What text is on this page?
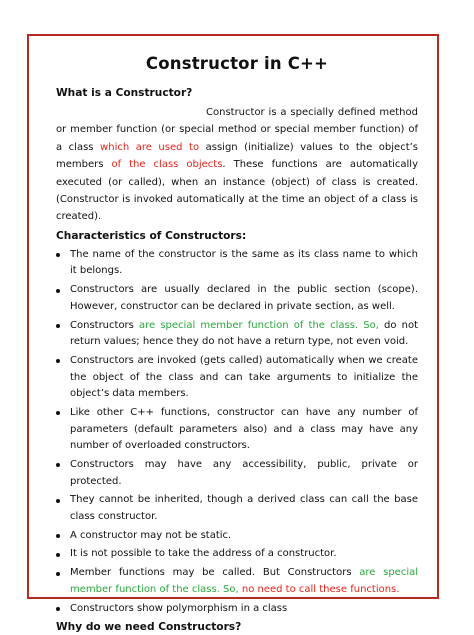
Constructor in C++
What is a Constructor?

Constructor is a specially defined method or member function (or special method or special member function) of a class which are used to assign (initialize) values to the object’s members of the class objects. These functions are automatically executed (or called), when an instance (object) of class is created. (Constructor is invoked automatically at the time an object of a class is created).

Characteristics of Constructors:
The name of the constructor is the same as its class name to which it belongs.
Constructors are usually declared in the public section (scope). However, constructor can be declared in private section, as well.
Constructors are special member function of the class. So, do not return values; hence they do not have a return type, not even void.
Constructors are invoked (gets called) automatically when we create the object of the class and can take arguments to initialize the object’s data members.
Like other C++ functions, constructor can have any number of parameters (default parameters also) and a class may have any number of overloaded constructors.
Constructors may have any accessibility, public, private or protected.
They cannot be inherited, though a derived class can call the base class constructor.
A constructor may not be static.
It is not possible to take the address of a constructor.
Member functions may be called. But Constructors are special member function of the class. So, no need to call these functions.
Constructors show polymorphism in a class
Why do we need Constructors?
